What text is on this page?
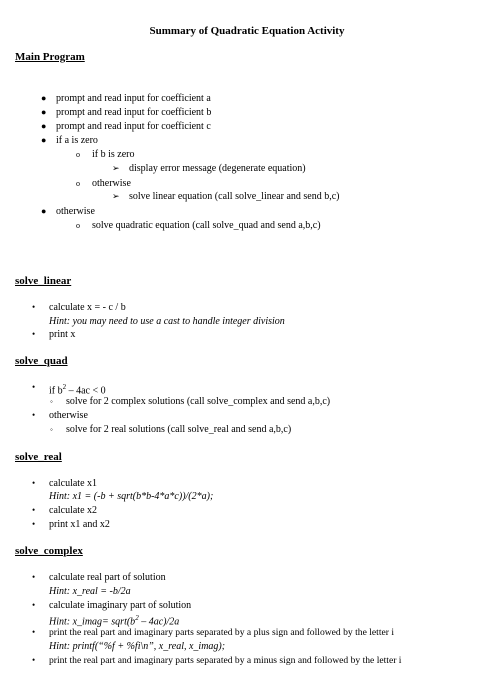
Summary of Quadratic Equation Activity
Main Program
● prompt and read input for coefficient a
● prompt and read input for coefficient b
● prompt and read input for coefficient c
● if a is zero
o if b is zero
➢ display error message (degenerate equation)
o otherwise
➢ solve linear equation (call solve_linear and send b,c)
● otherwise
o solve quadratic equation (call solve_quad and send a,b,c)
solve_linear
• calculate x = - c / b
Hint: you may need to use a cast to handle integer division
• print x
solve_quad
• if $b^2 - 4ac < 0$
◦ solve for 2 complex solutions (call solve_complex and send a,b,c)
• otherwise
◦ solve for 2 real solutions (call solve_real and send a,b,c)
solve_real
• calculate x1
Hint: x1 = (-b + sqrt(b*b-4*a*c))/(2*a);
• calculate x2
• print x1 and x2
solve_complex
• calculate real part of solution
Hint: x_real = -b/2a
• calculate imaginary part of solution
Hint: x_imag= $sqrt(b^2 - 4ac)/2a$
• print the real part and imaginary parts separated by a plus sign and followed by the letter i
Hint: printf(“%f + %fi\n”, x_real, x_imag);
• print the real part and imaginary parts separated by a minus sign and followed by the letter i
